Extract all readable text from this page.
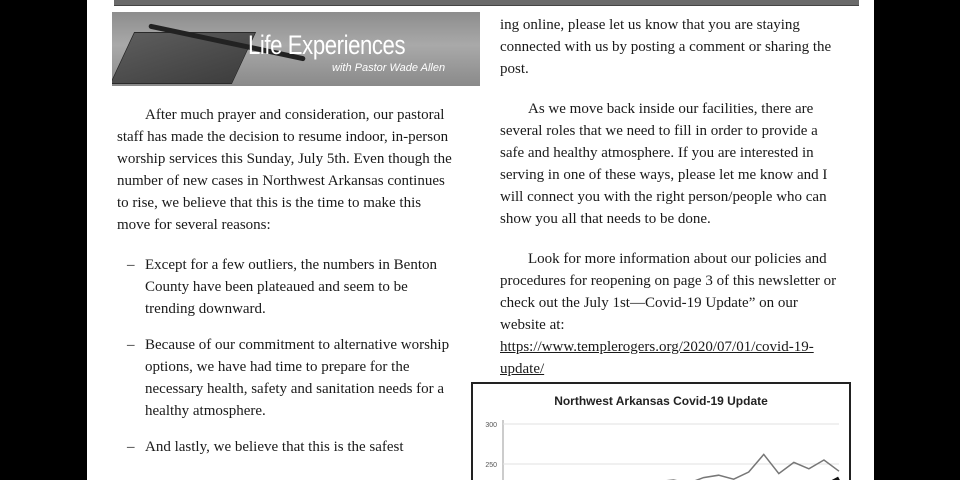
Life Experiences
with Pastor Wade Allen

After much prayer and consideration, our pastoral staff has made the decision to resume indoor, in-person worship services this Sunday, July 5th. Even though the number of new cases in Northwest Arkansas continues to rise, we believe that this is the time to make this move for several reasons:

– Except for a few outliers, the numbers in Benton County have been plateaued and seem to be trending downward.
– Because of our commitment to alternative worship options, we have had time to prepare for the necessary health, safety and sanitation needs for a healthy atmosphere.
– And lastly, we believe that this is the safest

ing online, please let us know that you are staying connected with us by posting a comment or sharing the post.

As we move back inside our facilities, there are several roles that we need to fill in order to provide a safe and healthy atmosphere. If you are interested in serving in one of these ways, please let me know and I will connect you with the right person/people who can show you all that needs to be done.

Look for more information about our policies and procedures for reopening on page 3 of this newsletter or check out the July 1st—Covid-19 Update” on our website at: https://www.templerogers.org/2020/07/01/covid-19-update/

Northwest Arkansas Covid-19 Update
300
250
